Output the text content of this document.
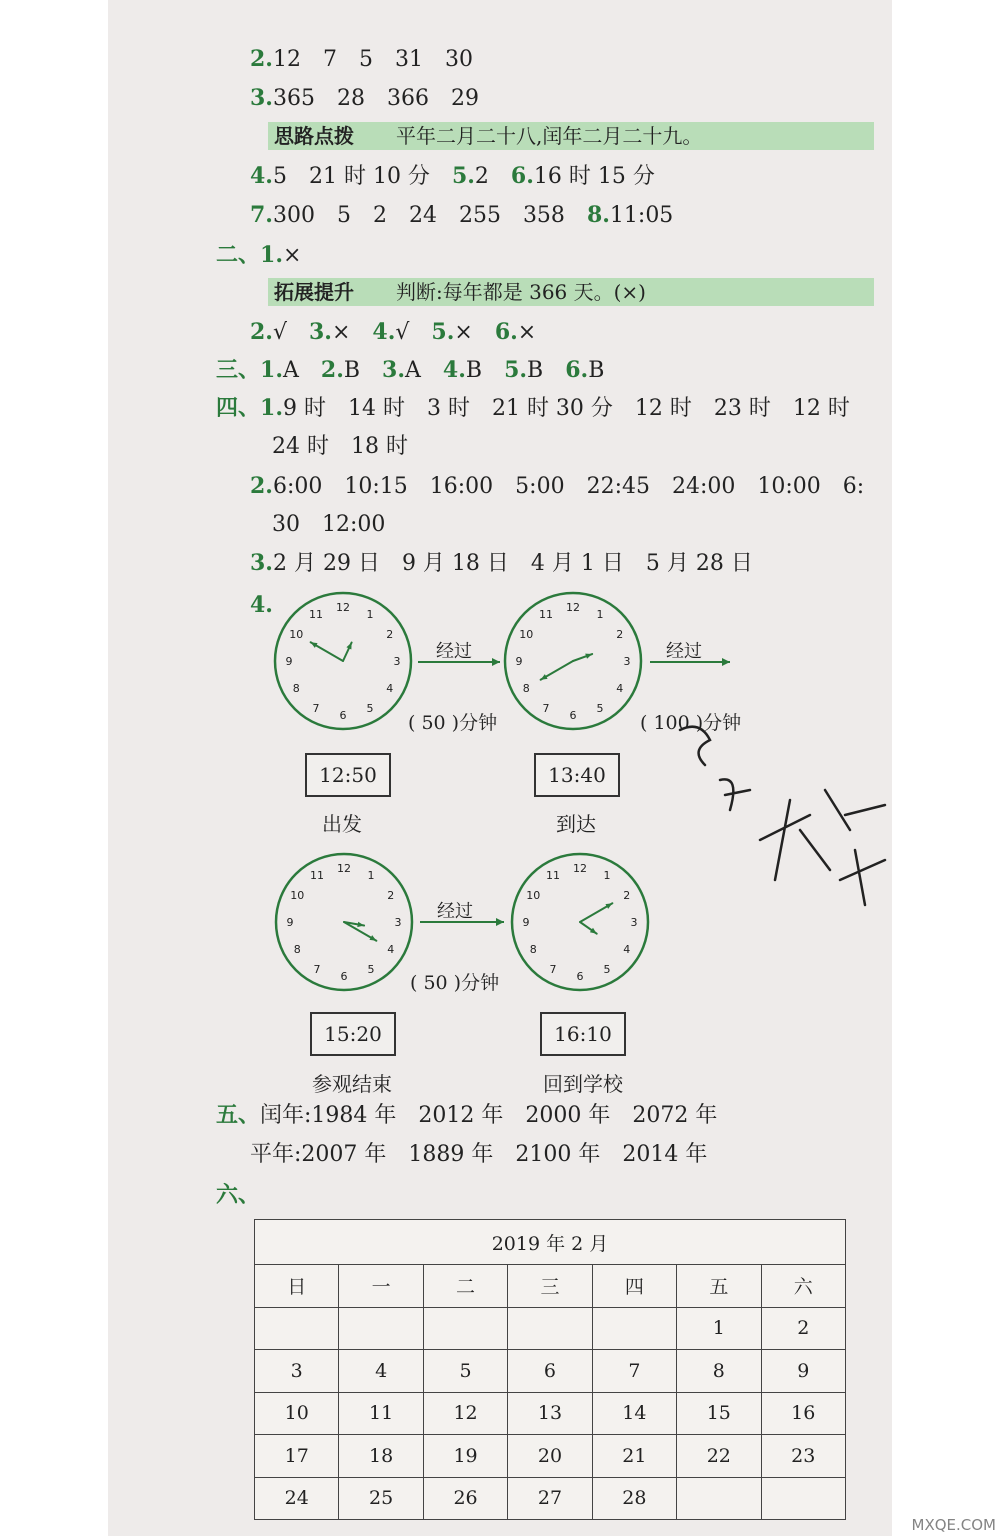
2.12　7　5　31　30
3.365　28　366　29
思路点拨 平年二月二十八,闰年二月二十九。
4.5　21 时 10 分　5.2　6.16 时 15 分
7.300　5　2　24　255　358　8.11:05
二、1.×
拓展提升 判断:每年都是 366 天。(×)
2.√　3.×　4.√　5.×　6.×
三、1.A　 2.B　 3.A　 4.B　 5.B　 6.B
四、1.9 时　14 时　3 时　21 时 30 分　12 时　23 时　12 时
24 时　18 时
2.6:00　10:15　16:00　5:00　22:45　24:00　10:00　6:
30　12:00
3.2 月 29 日　9 月 18 日　4 月 1 日　5 月 28 日
4.	1
2
3
4
5
6
7
8
9
10
11
12
1
2
3
4
5
6
7
8
9
10
11
12
1
2
3
4
5
6
7
8
9
10
11
12
1
2
3
4
5
6
7
8
9
10
11
12
经过	经过
经过
( 50 )分钟	( 100 )分钟
( 50 )分钟
12:50	13:40
15:20	16:10
出发	到达
参观结束	回到学校
五、闰年:1984 年　2012 年　2000 年　2072 年
平年:2007 年　1889 年　2100 年　2014 年
六、
2019 年 2 月						
日	一	二	三	四	五	六
					1	2
3	4	5	6	7	8	9
10	11	12	13	14	15	16
17	18	19	20	21	22	23
24	25	26	27	28		
MXQE.COM
